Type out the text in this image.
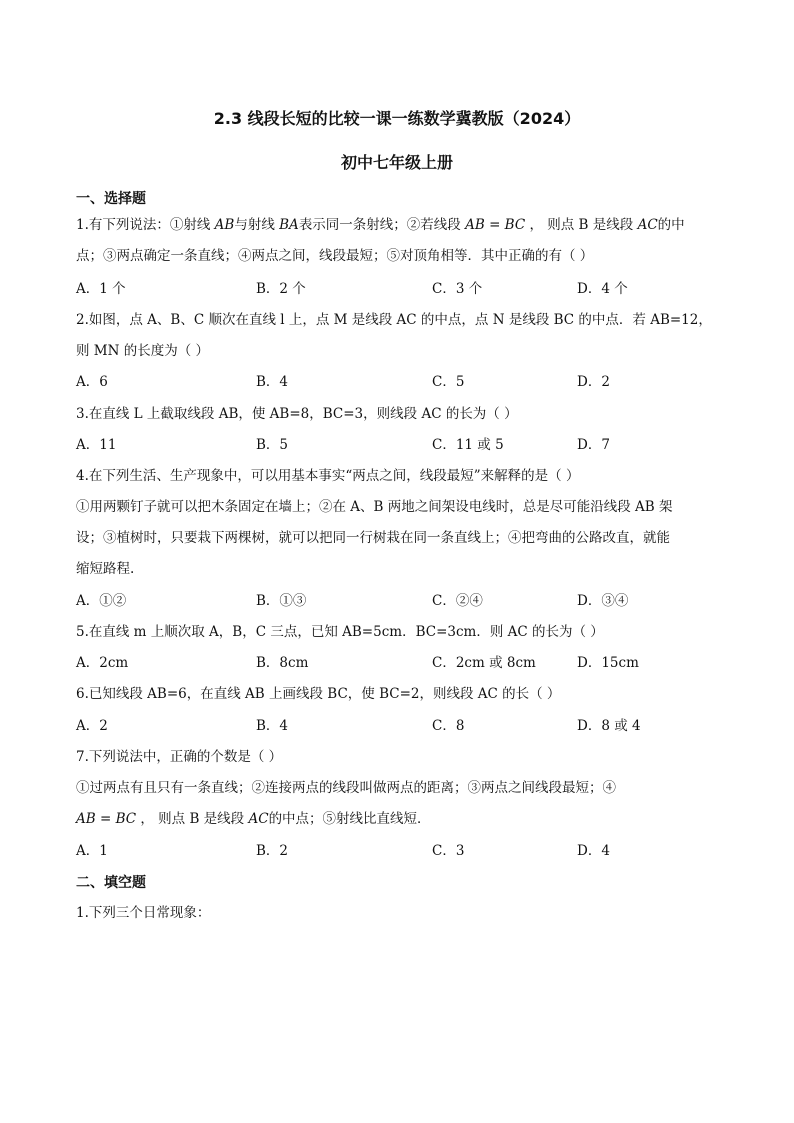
2.3 线段长短的比较一课一练数学冀教版（2024）
初中七年级上册
一、选择题
1.有下列说法：①射线 AB与射线 BA表示同一条射线；②若线段 AB = BC ， 则点 B 是线段 AC的中
点；③两点确定一条直线；④两点之间，线段最短；⑤对顶角相等．其中正确的有（ ）
A．1 个	B．2 个	C．3 个	D．4 个
2.如图，点 A、B、C 顺次在直线 l 上，点 M 是线段 AC 的中点，点 N 是线段 BC 的中点．若 AB=12，
则 MN 的长度为（ ）
A．6	B．4	C．5	D．2
3.在直线 L 上截取线段 AB，使 AB=8，BC=3，则线段 AC 的长为（ ）
A．11	B．5	C．11 或 5	D．7
4.在下列生活、生产现象中，可以用基本事实“两点之间，线段最短”来解释的是（ ）
①用两颗钉子就可以把木条固定在墙上；②在 A、B 两地之间架设电线时，总是尽可能沿线段 AB 架
设；③植树时，只要栽下两棵树，就可以把同一行树栽在同一条直线上；④把弯曲的公路改直，就能
缩短路程.
A．①②	B．①③	C．②④	D．③④
5.在直线 m 上顺次取 A，B，C 三点，已知 AB=5cm．BC=3cm．则 AC 的长为（ ）
A．2cm	B．8cm	C．2cm 或 8cm	D．15cm
6.已知线段 AB=6，在直线 AB 上画线段 BC，使 BC=2，则线段 AC 的长（ ）
A．2	B．4	C．8	D．8 或 4
7.下列说法中，正确的个数是（ ）
①过两点有且只有一条直线；②连接两点的线段叫做两点的距离；③两点之间线段最短；④
AB = BC ， 则点 B 是线段 AC的中点；⑤射线比直线短．
A．1	B．2	C．3	D．4
二、填空题
1.下列三个日常现象：
